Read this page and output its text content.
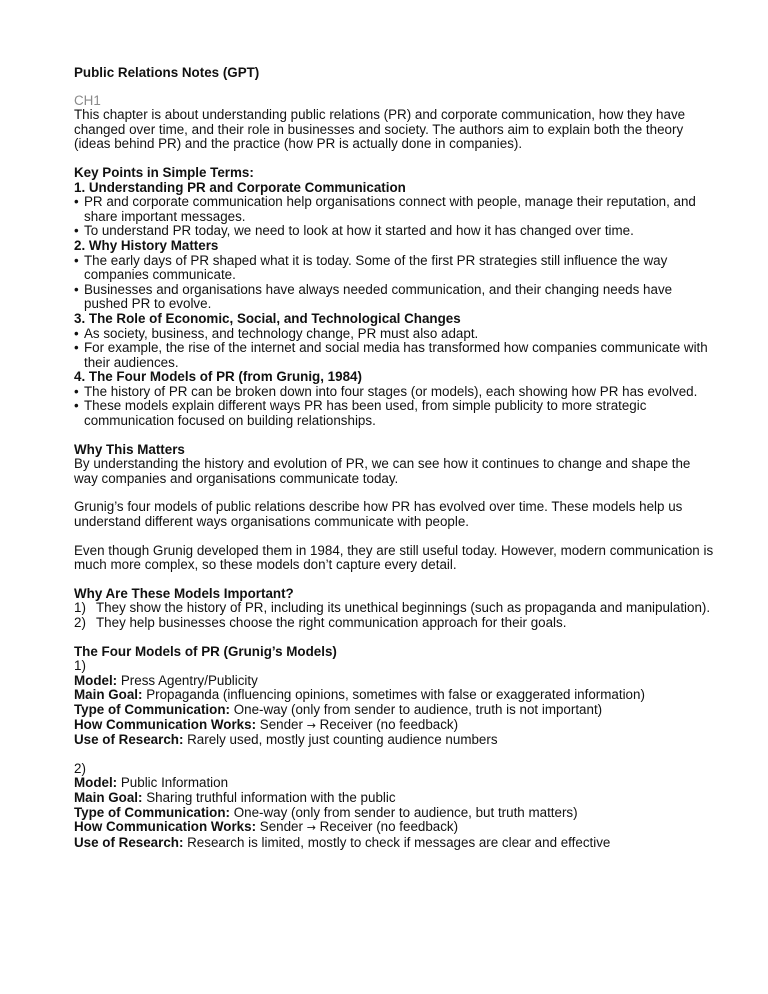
Public Relations Notes (GPT)

CH1

This chapter is about understanding public relations (PR) and corporate communication, how they have changed over time, and their role in businesses and society. The authors aim to explain both the theory (ideas behind PR) and the practice (how PR is actually done in companies).

Key Points in Simple Terms:

1. Understanding PR and Corporate Communication

• PR and corporate communication help organisations connect with people, manage their reputation, and share important messages.
• To understand PR today, we need to look at how it started and how it has changed over time.

2. Why History Matters

• The early days of PR shaped what it is today. Some of the first PR strategies still influence the way companies communicate.
• Businesses and organisations have always needed communication, and their changing needs have pushed PR to evolve.

3. The Role of Economic, Social, and Technological Changes

• As society, business, and technology change, PR must also adapt.
• For example, the rise of the internet and social media has transformed how companies communicate with their audiences.

4. The Four Models of PR (from Grunig, 1984)

• The history of PR can be broken down into four stages (or models), each showing how PR has evolved.
• These models explain different ways PR has been used, from simple publicity to more strategic communication focused on building relationships.

Why This Matters

By understanding the history and evolution of PR, we can see how it continues to change and shape the way companies and organisations communicate today.

Grunig’s four models of public relations describe how PR has evolved over time. These models help us understand different ways organisations communicate with people.

Even though Grunig developed them in 1984, they are still useful today. However, modern communication is much more complex, so these models don’t capture every detail.

Why Are These Models Important?

1) They show the history of PR, including its unethical beginnings (such as propaganda and manipulation).
2) They help businesses choose the right communication approach for their goals.

The Four Models of PR (Grunig’s Models)

1)

Model: Press Agentry/Publicity

Main Goal: Propaganda (influencing opinions, sometimes with false or exaggerated information)

Type of Communication: One-way (only from sender to audience, truth is not important)

How Communication Works: Sender → Receiver (no feedback)

Use of Research: Rarely used, mostly just counting audience numbers

2)

Model: Public Information

Main Goal: Sharing truthful information with the public

Type of Communication: One-way (only from sender to audience, but truth matters)

How Communication Works: Sender → Receiver (no feedback)

Use of Research: Research is limited, mostly to check if messages are clear and effective
